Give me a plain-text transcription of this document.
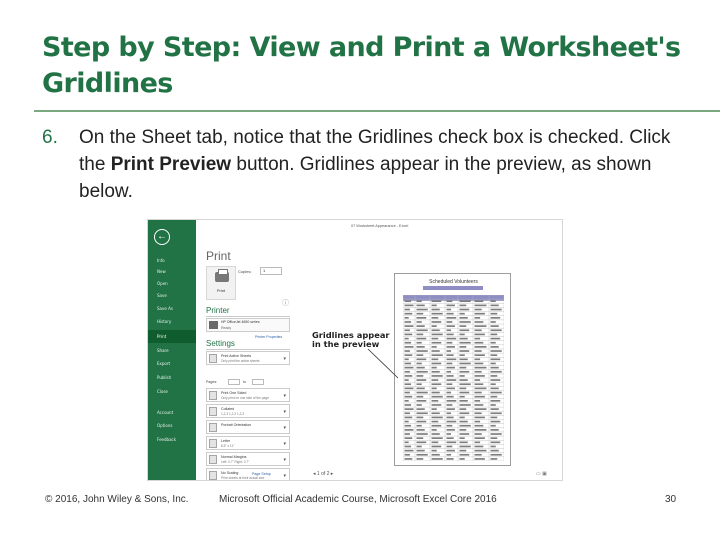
Step by Step: View and Print a Worksheet's Gridlines
6. On the Sheet tab, notice that the Gridlines check box is checked. Click the Print Preview button. Gridlines appear in the preview, as shown below.
←
Info
New
Open
Save
Save As
History
Print
Share
Export
Publish
Close
Account
Options
Feedback
Print
Print
Copies:	1
ⓘ
Printer
HP OfficeJet 4650 series
Ready
Printer Properties
Settings
Print Active Sheets
Only print the active sheets	▾
Pages:	to
Print One Sided
Only print on one side of the page	▾
Collated
1,2,3 1,2,3 1,2,3	▾
Portrait Orientation	▾
Letter
8.5" x 11"	▾
Normal Margins
Left: 0.7" Right: 0.7"	▾
No Scaling
Print sheets at their actual size	▾
Page Setup
07 Worksheet Appearance - Excel
Scheduled Volunteers
◂ 1 of 2 ▸	▭ ▣
Gridlines appear
in the preview
© 2016, John Wiley & Sons, Inc.	Microsoft Official Academic Course, Microsoft Excel Core 2016	30
